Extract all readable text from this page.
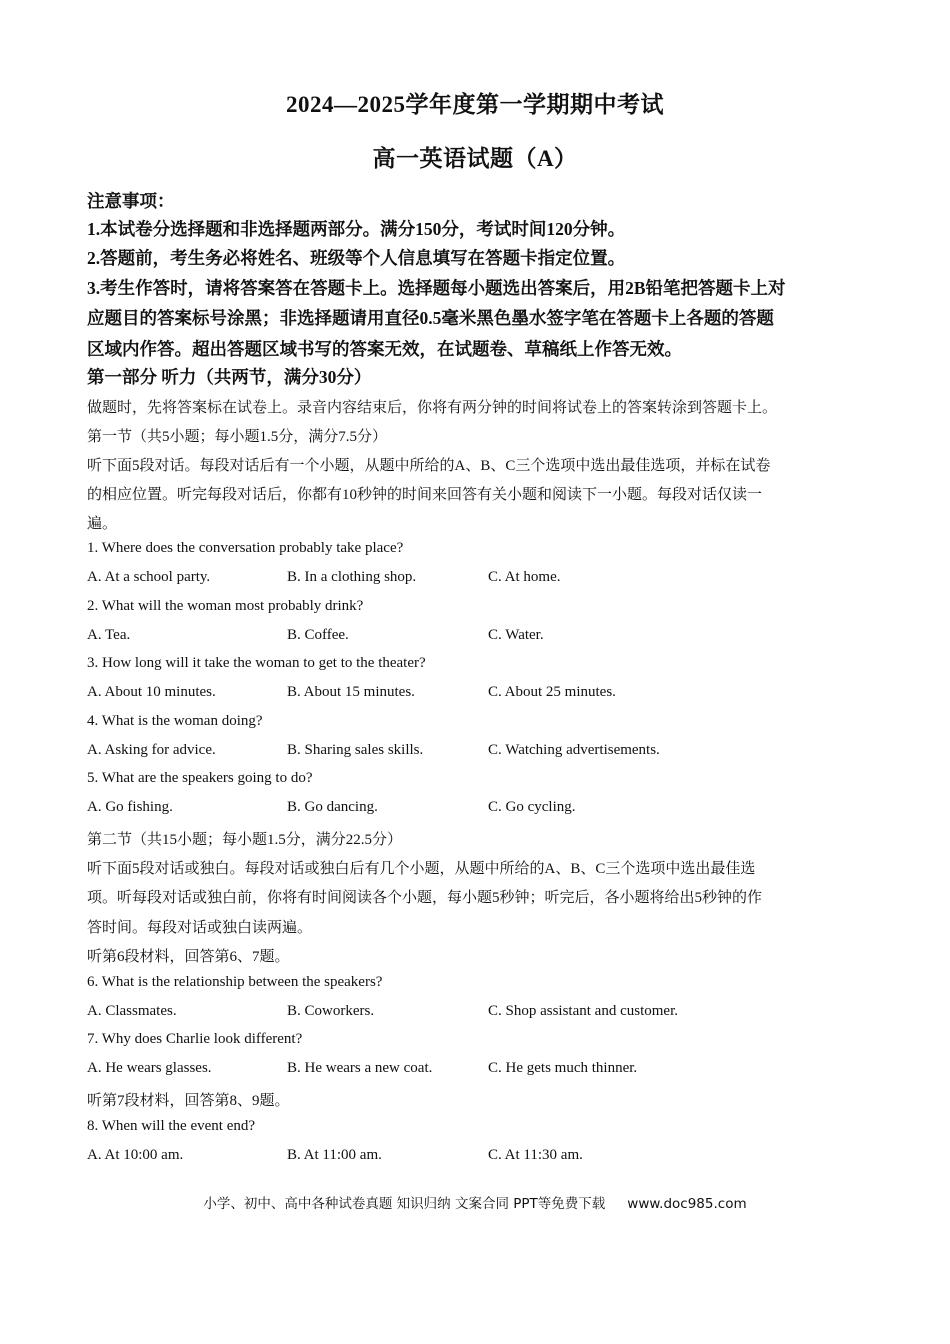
2024—2025学年度第一学期期中考试
高一英语试题（A）
注意事项：
1.本试卷分选择题和非选择题两部分。满分150分，考试时间120分钟。
2.答题前，考生务必将姓名、班级等个人信息填写在答题卡指定位置。
3.考生作答时，请将答案答在答题卡上。选择题每小题选出答案后，用2B铅笔把答题卡上对
应题目的答案标号涂黑；非选择题请用直径0.5毫米黑色墨水签字笔在答题卡上各题的答题
区域内作答。超出答题区域书写的答案无效，在试题卷、草稿纸上作答无效。
第一部分 听力（共两节，满分30分）
做题时，先将答案标在试卷上。录音内容结束后，你将有两分钟的时间将试卷上的答案转涂到答题卡上。
第一节（共5小题；每小题1.5分，满分7.5分）
听下面5段对话。每段对话后有一个小题，从题中所给的A、B、C三个选项中选出最佳选项，并标在试卷
的相应位置。听完每段对话后，你都有10秒钟的时间来回答有关小题和阅读下一小题。每段对话仅读一
遍。
1. Where does the conversation probably take place?
A. At a school party.	B. In a clothing shop.	C. At home.
2. What will the woman most probably drink?
A. Tea.	B. Coffee.	C. Water.
3. How long will it take the woman to get to the theater?
A. About 10 minutes.	B. About 15 minutes.	C. About 25 minutes.
4. What is the woman doing?
A. Asking for advice.	B. Sharing sales skills.	C. Watching advertisements.
5. What are the speakers going to do?
A. Go fishing.	B. Go dancing.	C. Go cycling.
第二节（共15小题；每小题1.5分，满分22.5分）
听下面5段对话或独白。每段对话或独白后有几个小题，从题中所给的A、B、C三个选项中选出最佳选
项。听每段对话或独白前，你将有时间阅读各个小题，每小题5秒钟；听完后，各小题将给出5秒钟的作
答时间。每段对话或独白读两遍。
听第6段材料，回答第6、7题。
6. What is the relationship between the speakers?
A. Classmates.	B. Coworkers.	C. Shop assistant and customer.
7. Why does Charlie look different?
A. He wears glasses.	B. He wears a new coat.	C. He gets much thinner.
听第7段材料，回答第8、9题。
8. When will the event end?
A. At 10:00 am.	B. At 11:00 am.	C. At 11:30 am.
小学、初中、高中各种试卷真题 知识归纳 文案合同 PPT等免费下载 www.doc985.com
